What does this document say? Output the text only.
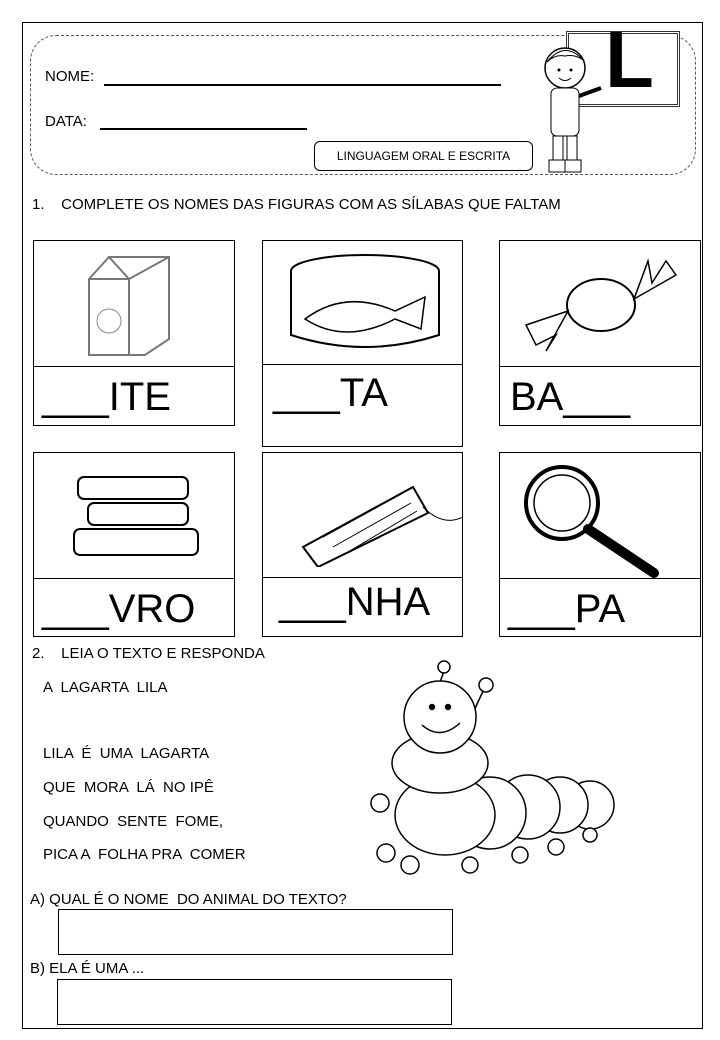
NOME:
DATA:
LINGUAGEM ORAL E ESCRITA
L
1.    COMPLETE OS NOMES DAS FIGURAS COM AS SÍLABAS QUE FALTAM
___ITE	___TA	BA___
___VRO ___NHA ___PA
2.    LEIA O TEXTO E RESPONDA
A  LAGARTA  LILA
LILA  É  UMA  LAGARTA
QUE  MORA  LÁ  NO IPÊ
QUANDO  SENTE  FOME,
PICA A  FOLHA PRA  COMER
A) QUAL É O NOME  DO ANIMAL DO TEXTO?
B) ELA É UMA ...
